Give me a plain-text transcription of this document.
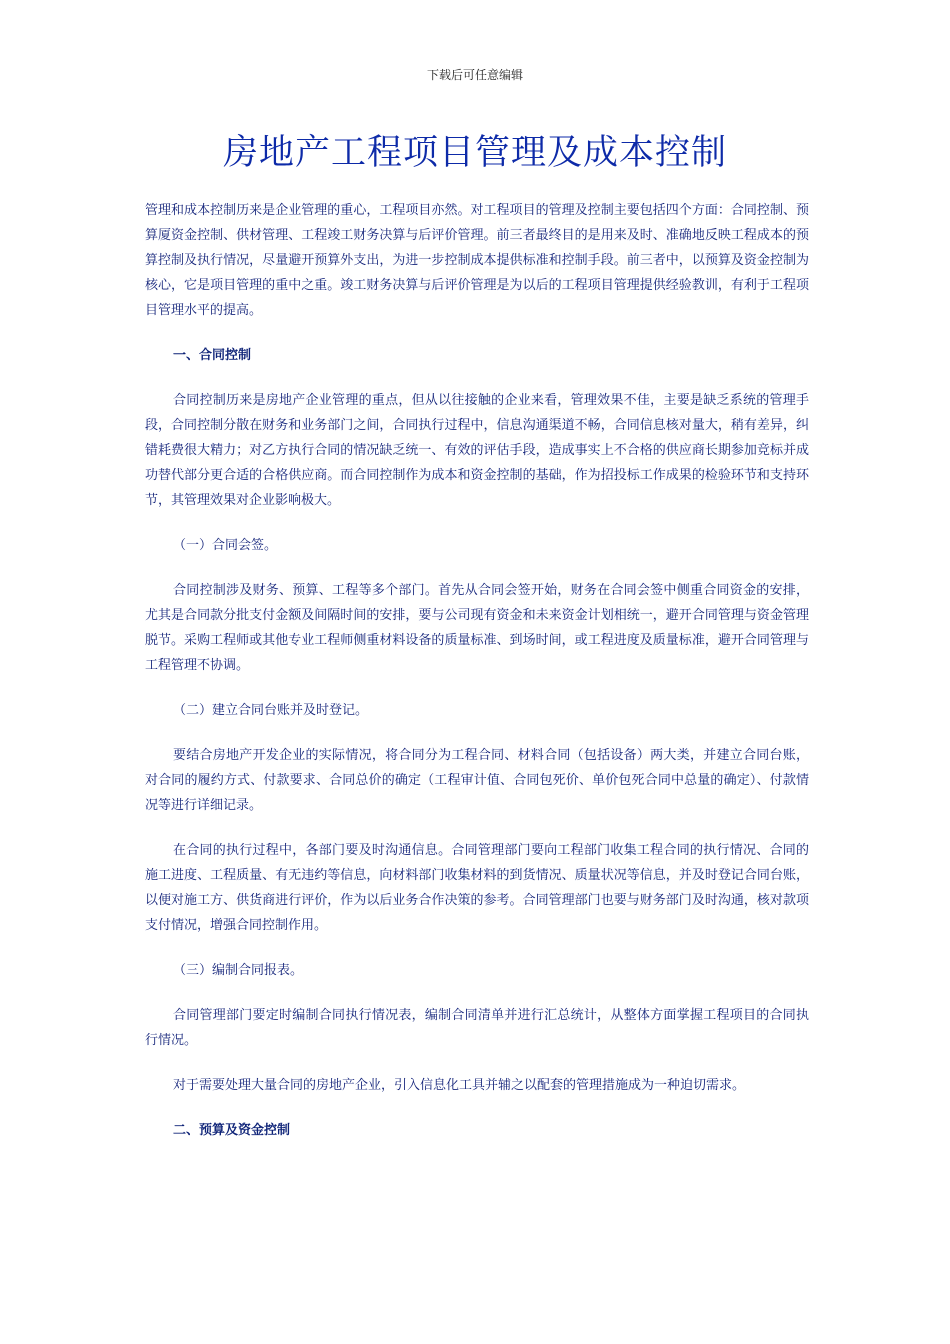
下载后可任意编辑
房地产工程项目管理及成本控制

管理和成本控制历来是企业管理的重心，工程项目亦然。对工程项目的管理及控制主要包括四个方面：合同控制、预算厦资金控制、供材管理、工程竣工财务决算与后评价管理。前三者最终目的是用来及时、准确地反映工程成本的预算控制及执行情况，尽量避开预算外支出，为进一步控制成本提供标准和控制手段。前三者中，以预算及资金控制为核心，它是项目管理的重中之重。竣工财务决算与后评价管理是为以后的工程项目管理提供经验教训，有利于工程项目管理水平的提高。

一、合同控制

合同控制历来是房地产企业管理的重点，但从以往接触的企业来看，管理效果不佳，主要是缺乏系统的管理手段，合同控制分散在财务和业务部门之间，合同执行过程中，信息沟通渠道不畅，合同信息核对量大，稍有差异，纠错耗费很大精力；对乙方执行合同的情况缺乏统一、有效的评估手段，造成事实上不合格的供应商长期参加竞标并成功替代部分更合适的合格供应商。而合同控制作为成本和资金控制的基础，作为招投标工作成果的检验环节和支持环节，其管理效果对企业影响极大。

（一）合同会签。

合同控制涉及财务、预算、工程等多个部门。首先从合同会签开始，财务在合同会签中侧重合同资金的安排，尤其是合同款分批支付金额及间隔时间的安排，要与公司现有资金和未来资金计划相统一，避开合同管理与资金管理脱节。采购工程师或其他专业工程师侧重材料设备的质量标准、到场时间，或工程进度及质量标准，避开合同管理与工程管理不协调。

（二）建立合同台账并及时登记。

要结合房地产开发企业的实际情况，将合同分为工程合同、材料合同（包括设备）两大类，并建立合同台账，对合同的履约方式、付款要求、合同总价的确定（工程审计值、合同包死价、单价包死合同中总量的确定）、付款情况等进行详细记录。

在合同的执行过程中，各部门要及时沟通信息。合同管理部门要向工程部门收集工程合同的执行情况、合同的施工进度、工程质量、有无违约等信息，向材料部门收集材料的到货情况、质量状况等信息，并及时登记合同台账，以便对施工方、供货商进行评价，作为以后业务合作决策的参考。合同管理部门也要与财务部门及时沟通，核对款项支付情况，增强合同控制作用。

（三）编制合同报表。

合同管理部门要定时编制合同执行情况表，编制合同清单并进行汇总统计，从整体方面掌握工程项目的合同执行情况。

对于需要处理大量合同的房地产企业，引入信息化工具并辅之以配套的管理措施成为一种迫切需求。

二、预算及资金控制
